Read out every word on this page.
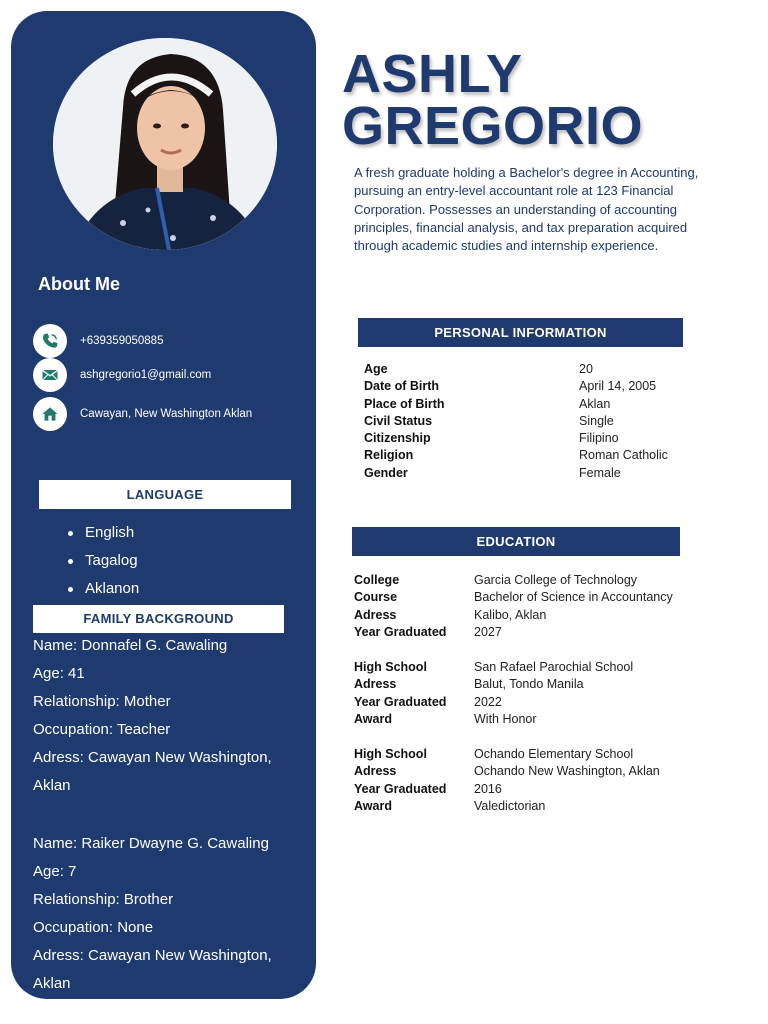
About Me
+639359050885
ashgregorio1@gmail.com
Cawayan, New Washington Aklan
LANGUAGE
English
Tagalog
Aklanon
FAMILY BACKGROUND

Name: Donnafel G. Cawaling

Age: 41

Relationship: Mother

Occupation: Teacher

Adress: Cawayan New Washington, Aklan

Name: Raiker Dwayne G. Cawaling

Age: 7

Relationship: Brother

Occupation: None

Adress: Cawayan New Washington, Aklan

ASHLY
GREGORIO

A fresh graduate holding a Bachelor's degree in Accounting, pursuing an entry-level accountant role at 123 Financial Corporation. Possesses an understanding of accounting principles, financial analysis, and tax preparation acquired through academic studies and internship experience.

PERSONAL INFORMATION
Age	20
Date of Birth	April 14, 2005
Place of Birth	Aklan
Civil Status	Single
Citizenship	Filipino
Religion	Roman Catholic
Gender	Female
EDUCATION
College	Garcia College of Technology
Course	Bachelor of Science in Accountancy
Adress	Kalibo, Aklan
Year Graduated 2027
High School	San Rafael Parochial School
Adress	Balut, Tondo Manila
Year Graduated 2022
Award	With Honor
High School	Ochando Elementary School
Adress	Ochando New Washington, Aklan
Year Graduated 2016
Award	Valedictorian
